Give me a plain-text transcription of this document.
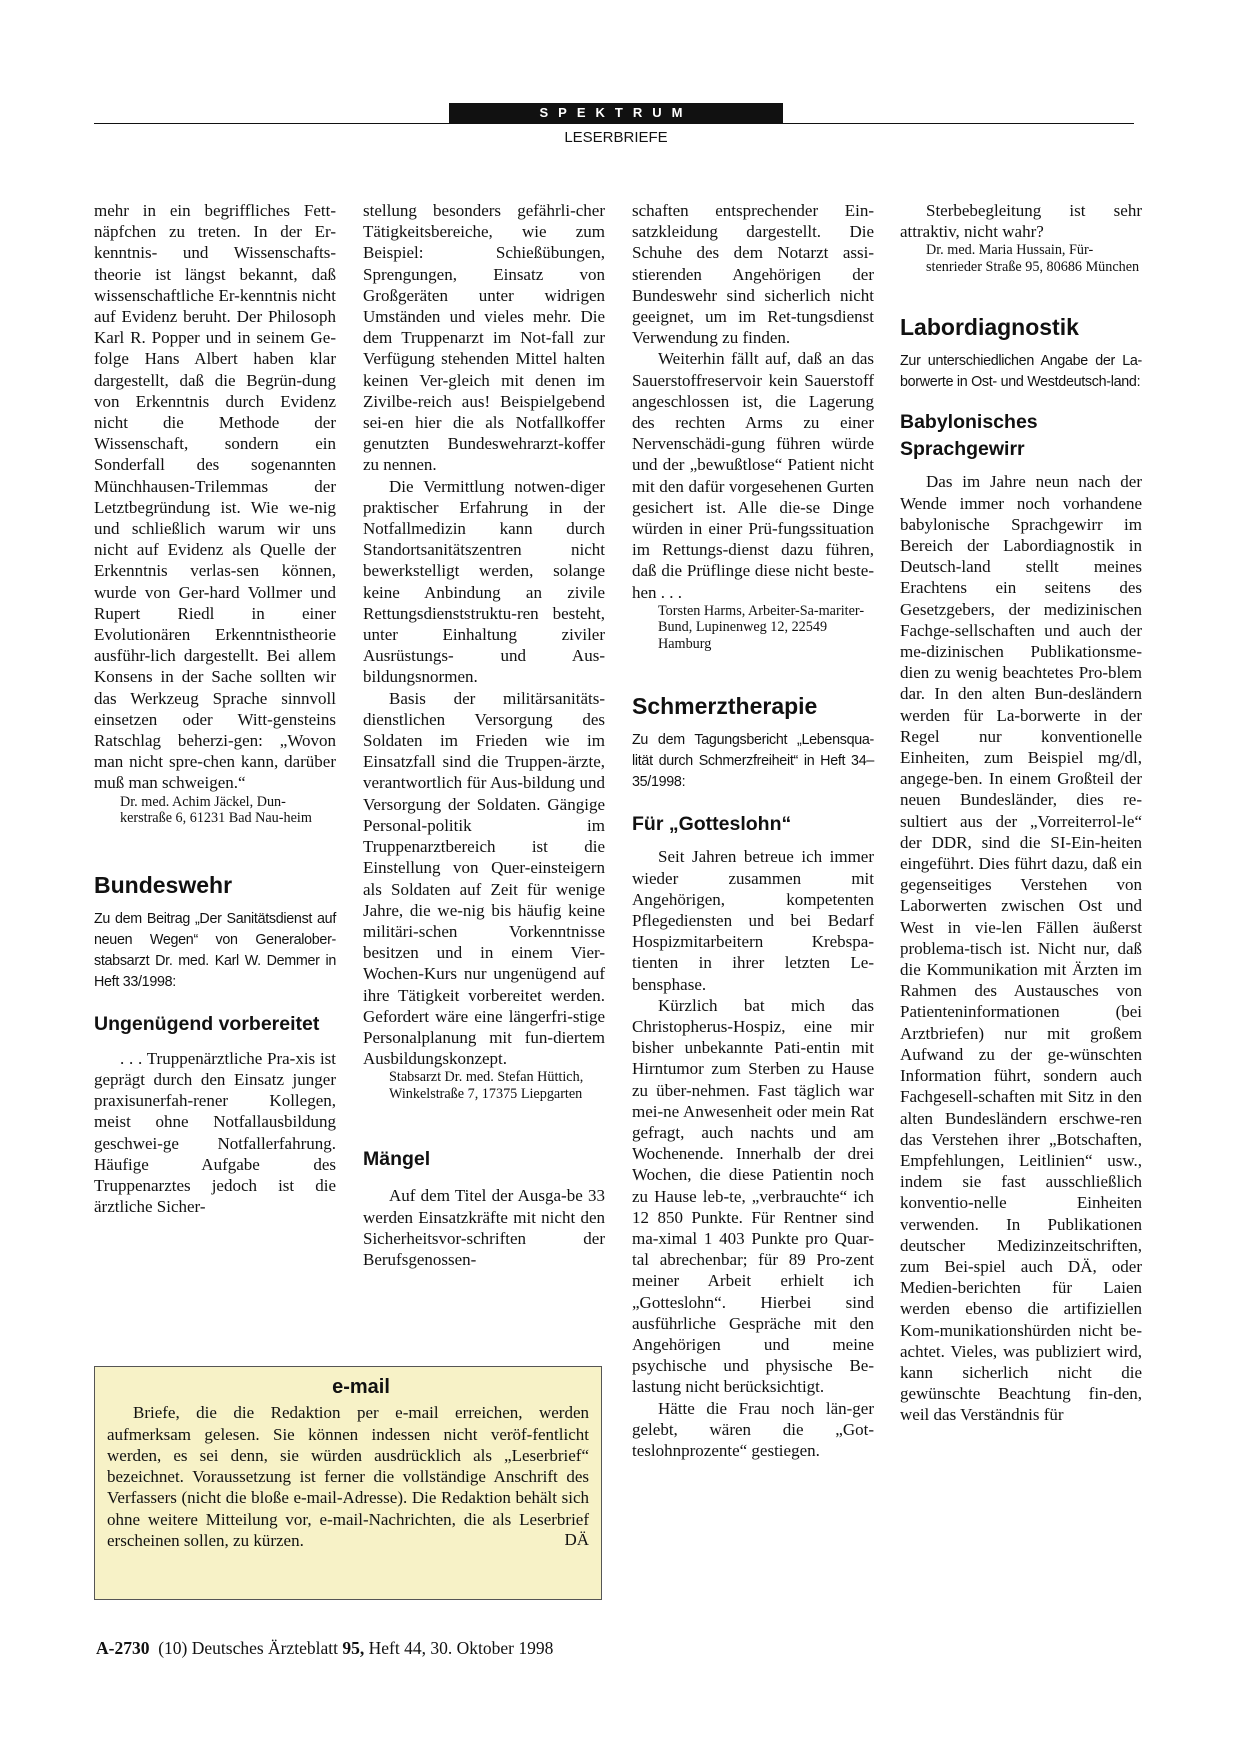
SPEKTRUM
LESERBRIEFE

mehr in ein begriffliches Fett-näpfchen zu treten. In der Er-kenntnis- und Wissenschafts-theorie ist längst bekannt, daß wissenschaftliche Er-kenntnis nicht auf Evidenz beruht. Der Philosoph Karl R. Popper und in seinem Ge-folge Hans Albert haben klar dargestellt, daß die Begrün-dung von Erkenntnis durch Evidenz nicht die Methode der Wissenschaft, sondern ein Sonderfall des sogenannten Münchhausen-Trilemmas der Letztbegründung ist. Wie we-nig und schließlich warum wir uns nicht auf Evidenz als Quelle der Erkenntnis verlas-sen können, wurde von Ger-hard Vollmer und Rupert Riedl in einer Evolutionären Erkenntnistheorie ausführ-lich dargestellt. Bei allem Konsens in der Sache sollten wir das Werkzeug Sprache sinnvoll einsetzen oder Witt-gensteins Ratschlag beherzi-gen: „Wovon man nicht spre-chen kann, darüber muß man schweigen.“

Dr. med. Achim Jäckel, Dun-kerstraße 6, 61231 Bad Nau-heim

Bundeswehr

Zu dem Beitrag „Der Sanitätsdienst auf neuen Wegen“ von Generalober-stabsarzt Dr. med. Karl W. Demmer in Heft 33/1998:

Ungenügend vorbereitet

. . . Truppenärztliche Pra-xis ist geprägt durch den Einsatz junger praxisunerfah-rener Kollegen, meist ohne Notfallausbildung geschwei-ge Notfallerfahrung. Häufige Aufgabe des Truppenarztes jedoch ist die ärztliche Sicher-

stellung besonders gefährli-cher Tätigkeitsbereiche, wie zum Beispiel: Schießübungen, Sprengungen, Einsatz von Großgeräten unter widrigen Umständen und vieles mehr. Die dem Truppenarzt im Not-fall zur Verfügung stehenden Mittel halten keinen Ver-gleich mit denen im Zivilbe-reich aus! Beispielgebend sei-en hier die als Notfallkoffer genutzten Bundeswehrarzt-koffer zu nennen.

Die Vermittlung notwen-diger praktischer Erfahrung in der Notfallmedizin kann durch Standortsanitätszentren nicht bewerkstelligt werden, solange keine Anbindung an zivile Rettungsdienststruktu-ren besteht, unter Einhaltung ziviler Ausrüstungs- und Aus-bildungsnormen.

Basis der militärsanitäts-dienstlichen Versorgung des Soldaten im Frieden wie im Einsatzfall sind die Truppen-ärzte, verantwortlich für Aus-bildung und Versorgung der Soldaten. Gängige Personal-politik im Truppenarztbereich ist die Einstellung von Quer-einsteigern als Soldaten auf Zeit für wenige Jahre, die we-nig bis häufig keine militäri-schen Vorkenntnisse besitzen und in einem Vier-Wochen-Kurs nur ungenügend auf ihre Tätigkeit vorbereitet werden. Gefordert wäre eine längerfri-stige Personalplanung mit fun-diertem Ausbildungskonzept.

Stabsarzt Dr. med. Stefan Hüttich, Winkelstraße 7, 17375 Liepgarten

Mängel

Auf dem Titel der Ausga-be 33 werden Einsatzkräfte mit nicht den Sicherheitsvor-schriften der Berufsgenossen-

schaften entsprechender Ein-satzkleidung dargestellt. Die Schuhe des dem Notarzt assi-stierenden Angehörigen der Bundeswehr sind sicherlich nicht geeignet, um im Ret-tungsdienst Verwendung zu finden.

Weiterhin fällt auf, daß an das Sauerstoffreservoir kein Sauerstoff angeschlossen ist, die Lagerung des rechten Arms zu einer Nervenschädi-gung führen würde und der „bewußtlose“ Patient nicht mit den dafür vorgesehenen Gurten gesichert ist. Alle die-se Dinge würden in einer Prü-fungssituation im Rettungs-dienst dazu führen, daß die Prüflinge diese nicht beste-hen . . .

Torsten Harms, Arbeiter-Sa-mariter-Bund, Lupinenweg 12, 22549 Hamburg

Schmerztherapie

Zu dem Tagungsbericht „Lebensqua-lität durch Schmerzfreiheit“ in Heft 34–35/1998:

Für „Gotteslohn“

Seit Jahren betreue ich immer wieder zusammen mit Angehörigen, kompetenten Pflegediensten und bei Bedarf Hospizmitarbeitern Krebspa-tienten in ihrer letzten Le-bensphase.

Kürzlich bat mich das Christopherus-Hospiz, eine mir bisher unbekannte Pati-entin mit Hirntumor zum Sterben zu Hause zu über-nehmen. Fast täglich war mei-ne Anwesenheit oder mein Rat gefragt, auch nachts und am Wochenende. Innerhalb der drei Wochen, die diese Patientin noch zu Hause leb-te, „verbrauchte“ ich 12 850 Punkte. Für Rentner sind ma-ximal 1 403 Punkte pro Quar-tal abrechenbar; für 89 Pro-zent meiner Arbeit erhielt ich „Gotteslohn“. Hierbei sind ausführliche Gespräche mit den Angehörigen und meine psychische und physische Be-lastung nicht berücksichtigt.

Hätte die Frau noch län-ger gelebt, wären die „Got-teslohnprozente“ gestiegen.

Sterbebegleitung ist sehr attraktiv, nicht wahr?

Dr. med. Maria Hussain, Für-stenrieder Straße 95, 80686 München

Labordiagnostik

Zur unterschiedlichen Angabe der La-borwerte in Ost- und Westdeutsch-land:

Babylonisches Sprachgewirr

Das im Jahre neun nach der Wende immer noch vorhandene babylonische Sprachgewirr im Bereich der Labordiagnostik in Deutsch-land stellt meines Erachtens ein seitens des Gesetzgebers, der medizinischen Fachge-sellschaften und auch der me-dizinischen Publikationsme-dien zu wenig beachtetes Pro-blem dar. In den alten Bun-desländern werden für La-borwerte in der Regel nur konventionelle Einheiten, zum Beispiel mg/dl, angege-ben. In einem Großteil der neuen Bundesländer, dies re-sultiert aus der „Vorreiterrol-le“ der DDR, sind die SI-Ein-heiten eingeführt. Dies führt dazu, daß ein gegenseitiges Verstehen von Laborwerten zwischen Ost und West in vie-len Fällen äußerst problema-tisch ist. Nicht nur, daß die Kommunikation mit Ärzten im Rahmen des Austausches von Patienteninformationen (bei Arztbriefen) nur mit großem Aufwand zu der ge-wünschten Information führt, sondern auch Fachgesell-schaften mit Sitz in den alten Bundesländern erschwe-ren das Verstehen ihrer „Botschaften, Empfehlungen, Leitlinien“ usw., indem sie fast ausschließlich konventio-nelle Einheiten verwenden. In Publikationen deutscher Medizinzeitschriften, zum Bei-spiel auch DÄ, oder Medien-berichten für Laien werden ebenso die artifiziellen Kom-munikationshürden nicht be-achtet. Vieles, was publiziert wird, kann sicherlich nicht die gewünschte Beachtung fin-den, weil das Verständnis für

e-mail

Briefe, die die Redaktion per e-mail erreichen, werden aufmerksam gelesen. Sie können indessen nicht veröf-fentlicht werden, es sei denn, sie würden ausdrücklich als „Leserbrief“ bezeichnet. Voraussetzung ist ferner die vollständige Anschrift des Verfassers (nicht die bloße e-mail-Adresse). Die Redaktion behält sich ohne weitere Mitteilung vor, e-mail-Nachrichten, die als Leserbrief erscheinen sollen, zu kürzen.	DÄ

A-2730 (10) Deutsches Ärzteblatt 95, Heft 44, 30. Oktober 1998
